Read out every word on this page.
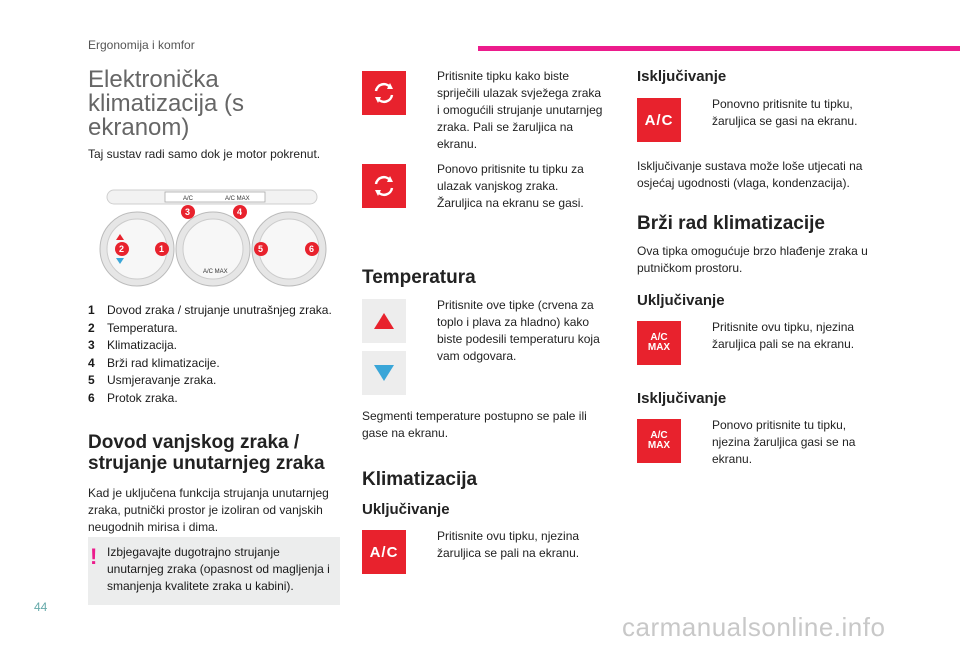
Ergonomija i komfor
44
carmanualsonline.info
Elektronička klimatizacija (s ekranom)
Taj sustav radi samo dok je motor pokrenut.
A/C	A/C MAX
A/C MAX
3	4
2	1	5	6
1	Dovod zraka / strujanje unutrašnjeg zraka.
2	Temperatura.
3	Klimatizacija.
4	Brži rad klimatizacije.
5	Usmjeravanje zraka.
6	Protok zraka.
Dovod vanjskog zraka / strujanje unutarnjeg zraka
Kad je uključena funkcija strujanja unutarnjeg zraka, putnički prostor je izoliran od vanjskih neugodnih mirisa i dima.
! Izbjegavajte dugotrajno strujanje unutarnjeg zraka (opasnost od magljenja i smanjenja kvalitete zraka u kabini).
Pritisnite tipku kako biste spriječili ulazak svježega zraka i omogućili strujanje unutarnjeg zraka. Pali se žaruljica na ekranu.
Ponovo pritisnite tu tipku za ulazak vanjskog zraka. Žaruljica na ekranu se gasi.
Temperatura
Pritisnite ove tipke (crvena za toplo i plava za hladno) kako biste podesili temperaturu koja vam odgovara.
Segmenti temperature postupno se pale ili gase na ekranu.
Klimatizacija
Uključivanje
A/C
Pritisnite ovu tipku, njezina žaruljica se pali na ekranu.
Isključivanje
A/C
Ponovno pritisnite tu tipku, žaruljica se gasi na ekranu.
Isključivanje sustava može loše utjecati na osjećaj ugodnosti (vlaga, kondenzacija).
Brži rad klimatizacije
Ova tipka omogućuje brzo hlađenje zraka u putničkom prostoru.
Uključivanje
A/C
MAX
Pritisnite ovu tipku, njezina žaruljica pali se na ekranu.
Isključivanje
A/C
MAX
Ponovo pritisnite tu tipku, njezina žaruljica gasi se na ekranu.
